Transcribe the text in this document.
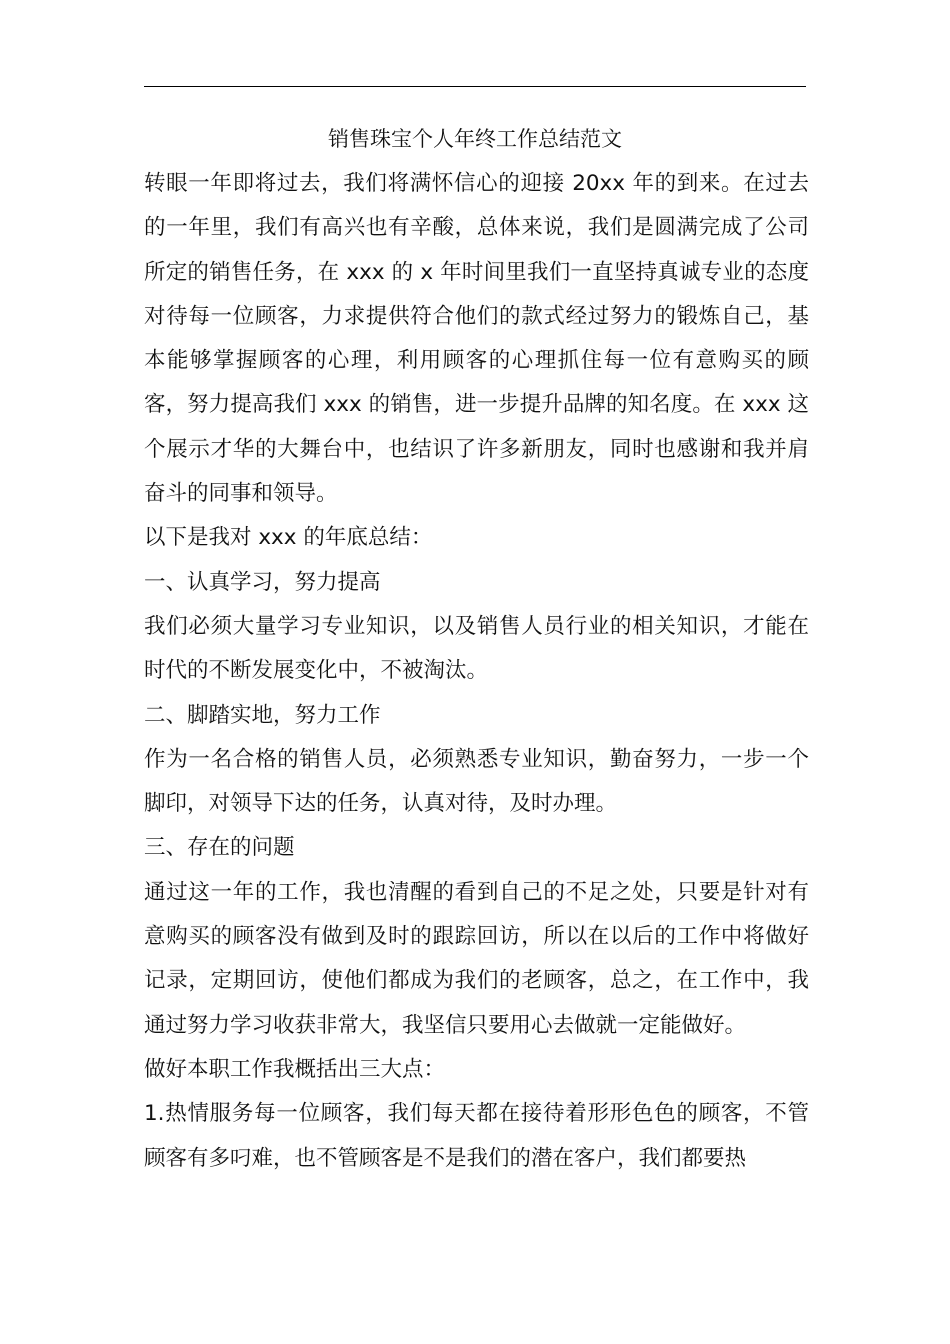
销售珠宝个人年终工作总结范文

转眼一年即将过去，我们将满怀信心的迎接 20xx 年的到来。在过去的一年里，我们有高兴也有辛酸，总体来说，我们是圆满完成了公司所定的销售任务，在 xxx 的 x 年时间里我们一直坚持真诚专业的态度对待每一位顾客，力求提供符合他们的款式经过努力的锻炼自己，基本能够掌握顾客的心理，利用顾客的心理抓住每一位有意购买的顾客，努力提高我们 xxx 的销售，进一步提升品牌的知名度。在 xxx 这个展示才华的大舞台中，也结识了许多新朋友，同时也感谢和我并肩奋斗的同事和领导。

以下是我对 xxx 的年底总结：

一、认真学习，努力提高

我们必须大量学习专业知识，以及销售人员行业的相关知识，才能在时代的不断发展变化中，不被淘汰。

二、脚踏实地，努力工作

作为一名合格的销售人员，必须熟悉专业知识，勤奋努力，一步一个脚印，对领导下达的任务，认真对待，及时办理。

三、存在的问题

通过这一年的工作，我也清醒的看到自己的不足之处，只要是针对有意购买的顾客没有做到及时的跟踪回访，所以在以后的工作中将做好记录，定期回访，使他们都成为我们的老顾客，总之，在工作中，我通过努力学习收获非常大，我坚信只要用心去做就一定能做好。

做好本职工作我概括出三大点：

1.热情服务每一位顾客，我们每天都在接待着形形色色的顾客，不管顾客有多叼难，也不管顾客是不是我们的潜在客户，我们都要热
